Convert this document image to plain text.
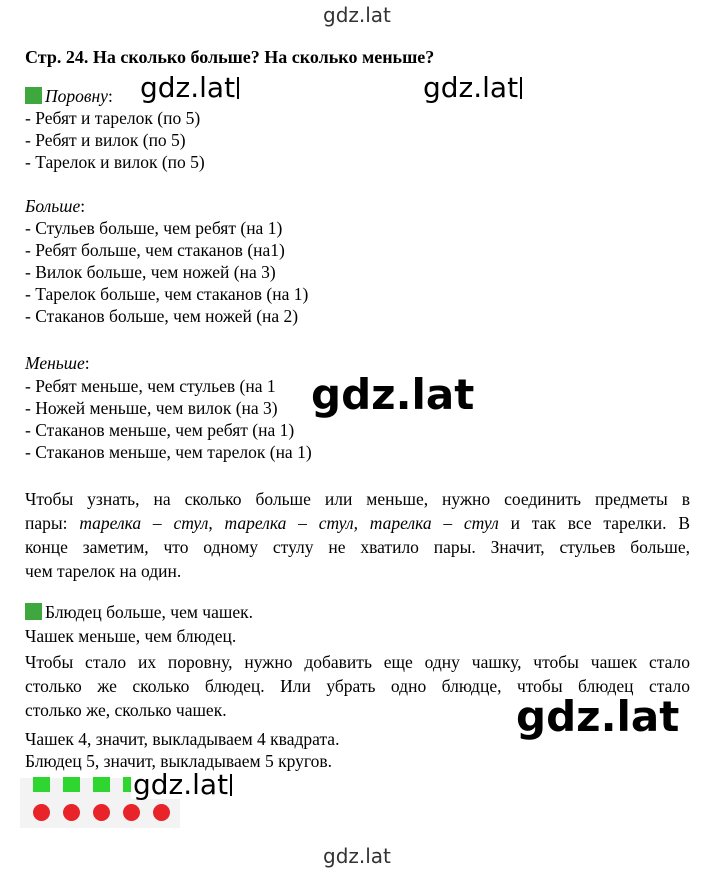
gdz.lat
gdz.lat	gdz.lat
Стр. 24. На сколько больше? На сколько меньше?
Поровну:
- Ребят и тарелок (по 5)
- Ребят и вилок (по 5)
- Тарелок и вилок (по 5)
Больше:
- Стульев больше, чем ребят (на 1)
- Ребят больше, чем стаканов (на1)
- Вилок больше, чем ножей (на 3)
- Тарелок больше, чем стаканов (на 1)
- Стаканов больше, чем ножей (на 2)
Меньше:
- Ребят меньше, чем стульев (на 1
- Ножей меньше, чем вилок (на 3)
- Стаканов меньше, чем ребят (на 1)
- Стаканов меньше, чем тарелок (на 1)
gdz.lat
Чтобы узнать, на сколько больше или меньше, нужно соединить предметы в
пары: тарелка – стул, тарелка – стул, тарелка – стул и так все тарелки. В
конце заметим, что одному стулу не хватило пары. Значит, стульев больше,
чем тарелок на один.
Блюдец больше, чем чашек.
Чашек меньше, чем блюдец.
Чтобы стало их поровну, нужно добавить еще одну чашку, чтобы чашек стало
столько же сколько блюдец. Или убрать одно блюдце, чтобы блюдец стало
столько же, сколько чашек.
Чашек 4, значит, выкладываем 4 квадрата.
Блюдец 5, значит, выкладываем 5 кругов.
gdz.lat
gdz.lat
gdz.lat
